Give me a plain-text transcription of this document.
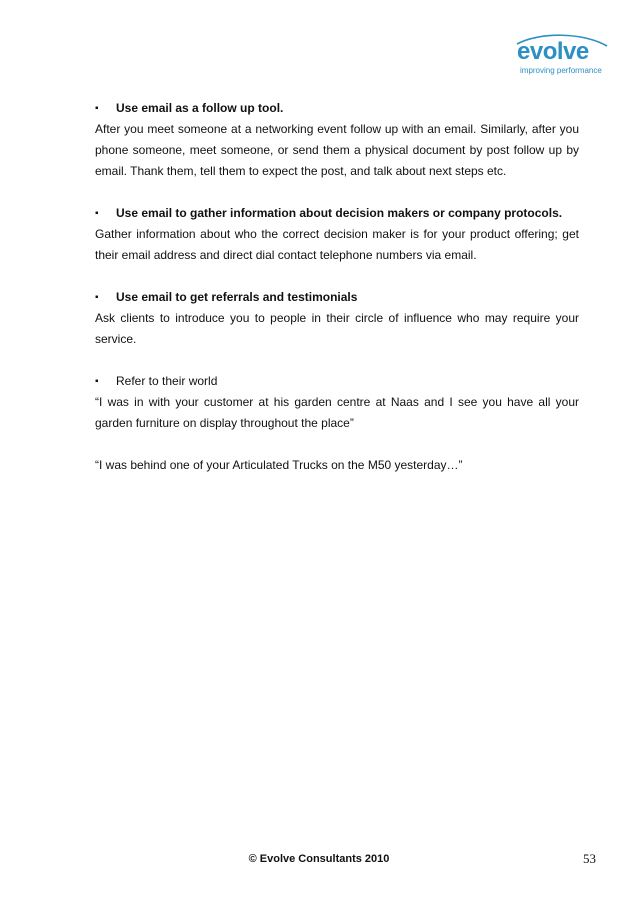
evolve
improving performance
▪	Use email as a follow up tool.
After you meet someone at a networking event follow up with an email. Similarly, after you phone someone, meet someone, or send them a physical document by post follow up by email. Thank them, tell them to expect the post, and talk about next steps etc.
▪	Use email to gather information about decision makers or company protocols.
Gather information about who the correct decision maker is for your product offering; get their email address and direct dial contact telephone numbers via email.
▪	Use email to get referrals and testimonials
Ask clients to introduce you to people in their circle of influence who may require your service.
▪	Refer to their world
“I was in with your customer at his garden centre at Naas and I see you have all your garden furniture on display throughout the place”
“I was behind one of your Articulated Trucks on the M50 yesterday…”
© Evolve Consultants 2010	53
